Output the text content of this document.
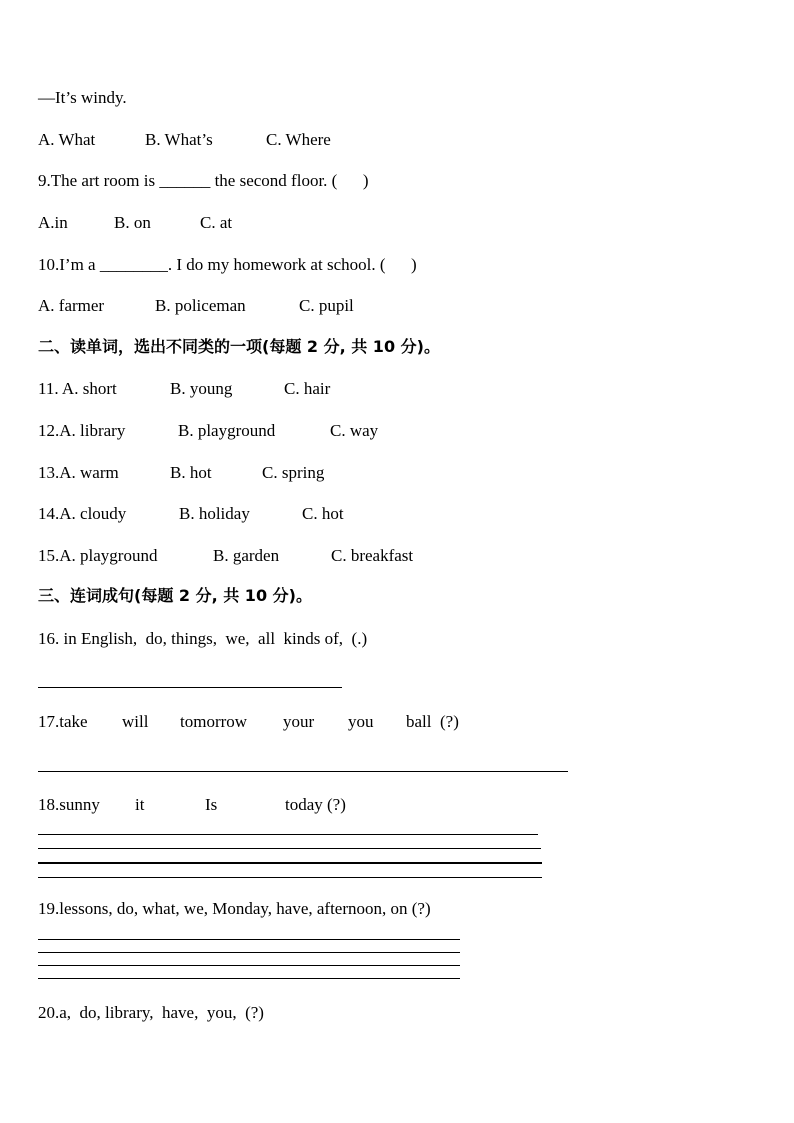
—It’s windy.
A. What	B. What’s	C. Where
9.The art room is ______ the second floor. (      )
A.in	B. on	C. at
10.I’m a ________. I do my homework at school. (      )
A. farmer	B. policeman	C. pupil
二、读单词，选出不同类的一项(每题 2 分, 共 10 分)。
11. A. short	B. young	C. hair
12.A. library	B. playground	C. way
13.A. warm	B. hot	C. spring
14.A. cloudy	B. holiday	C. hot
15.A. playground	B. garden	C. breakfast
三、连词成句(每题 2 分, 共 10 分)。
16. in English,  do, things,  we,  all  kinds of,  (.)
17.take will tomorrow your you ball  (?)
18.sunny it	Is	today (?)
19.lessons, do, what, we, Monday, have, afternoon, on (?)
20.a,  do, library,  have,  you,  (?)
